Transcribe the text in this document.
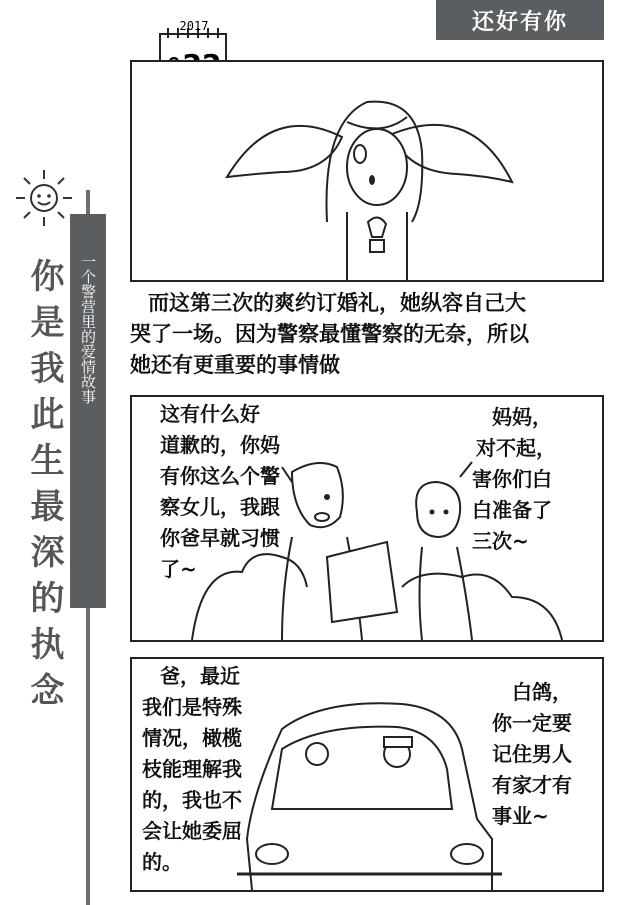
还好有你
2017
一个警营里的爱情故事
你是我此生最深的执念	而这第三次的爽约订婚礼，她纵容自己大
哭了一场。因为警察最懂警察的无奈，所以
她还有更重要的事情做
这有什么好
道歉的，你妈
有你这么个警
察女儿，我跟
你爸早就习惯
了~
妈妈，
对不起，
害你们白
白准备了
三次~
爸，最近
我们是特殊
情况，橄榄
枝能理解我
的，我也不
会让她委屈
的。
白鸽，
你一定要
记住男人
有家才有
事业~
